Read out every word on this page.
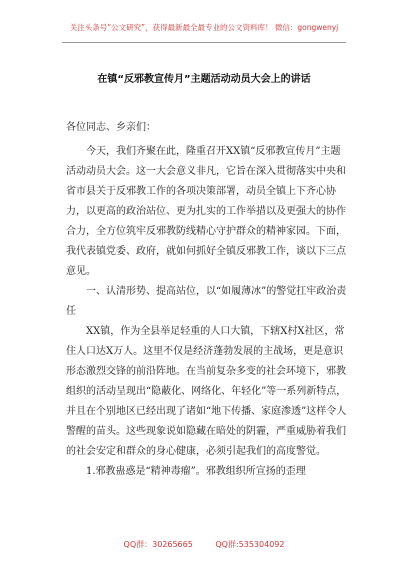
关注头条号“公文研究”，获得最新最全最专业的公文资料库！ 微信：gongwenyj
在镇“反邪教宣传月”主题活动动员大会上的讲话

各位同志、乡亲们：

今天，我们齐聚在此，隆重召开XX镇“反邪教宣传月”主题活动动员大会。这一大会意义非凡，它旨在深入贯彻落实中央和省市县关于反邪教工作的各项决策部署，动员全镇上下齐心协力，以更高的政治站位、更为扎实的工作举措以及更强大的协作合力，全方位筑牢反邪教防线精心守护群众的精神家园。下面，我代表镇党委、政府，就如何抓好全镇反邪教工作，谈以下三点意见。

一、认清形势、提高站位，以“如履薄冰”的警觉扛牢政治责任

XX镇，作为全县举足轻重的人口大镇，下辖X村X社区，常住人口达X万人。这里不仅是经济蓬勃发展的主战场，更是意识形态激烈交锋的前沿阵地。在当前复杂多变的社会环境下，邪教组织的活动呈现出“隐蔽化、网络化、年轻化”等一系列新特点，并且在个别地区已经出现了诸如“地下传播、家庭渗透”这样令人警醒的苗头。这些现象说如隐藏在暗处的阴霾，严重威胁着我们的社会安定和群众的身心健康，必须引起我们的高度警觉。

1.邪教蛊惑是“精神毒瘤”。邪教组织所宣扬的歪理

QQ群：30265665	QQ群:535304092
